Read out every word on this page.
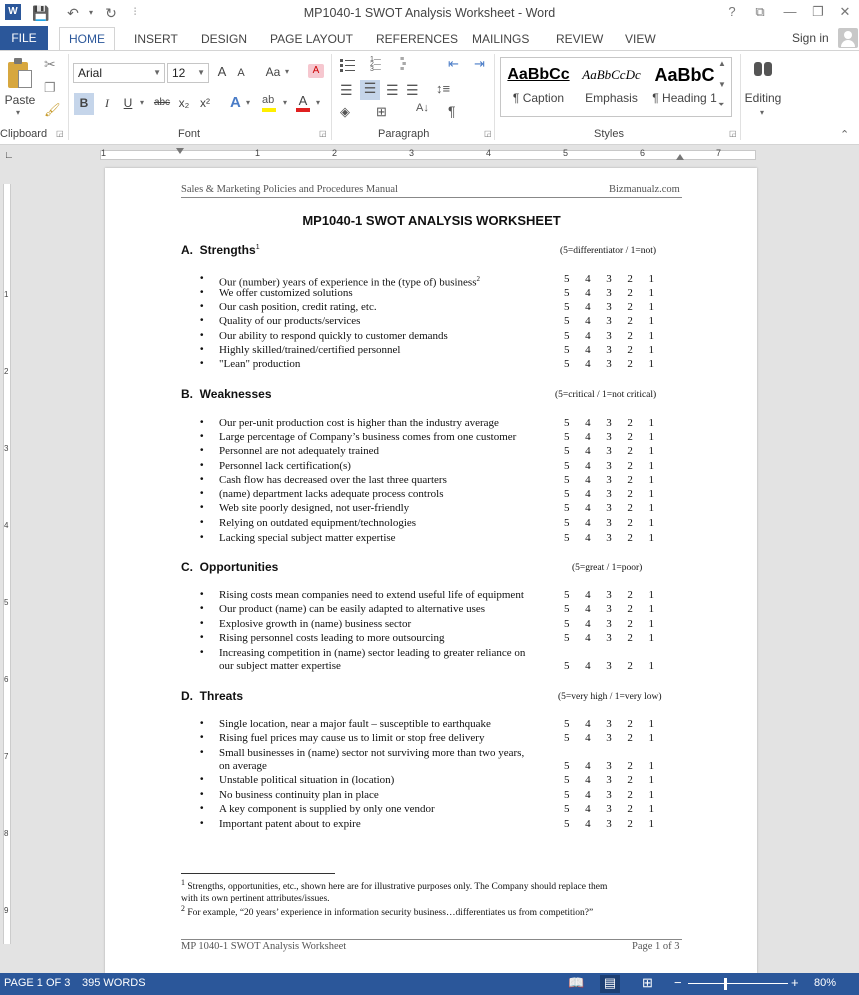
W 💾	↶	▾ ↻	⫶	MP1040-1 SWOT Analysis Worksheet - Word	?	⧉	—	❐	✕
FILE	HOME	INSERT DESIGN PAGE LAYOUT REFERENCES MAILINGS REVIEW VIEW	Sign in
Paste
▾
✂
❐
🖌
Clipboard ◲
Arial	▼ 12 ▼ A	A	Aa ▾	A
B	I	U ▾ abc x₂ x² A ▾ ab ▾ A	▾
Font	◲
1—
2—
3—
≡
≡
≡	⇤ ⇥
☰ ☰ ☰ ☰ ↕≡
◈ ⊞	A↓ ¶
Paragraph	◲
AaBbCc
¶ Caption
AaBbCcDc
Emphasis
AaBbC
¶ Heading 1
▲
▼
⏷
Styles	◲
Editing
▾
⌃
1	1	2	3	4	5	6	7
∟
1
2
3
4
5
6
7
8
9
Sales & Marketing Policies and Procedures Manual	Bizmanualz.com
MP1040-1 SWOT ANALYSIS WORKSHEET
A. Strengths$^1$	(5=differentiator / 1=not)
• Our (number) years of experience in the (type of) business$^2$	5 4 3 2 1
• We offer customized solutions	5 4 3 2 1
• Our cash position, credit rating, etc.	5 4 3 2 1
• Quality of our products/services	5 4 3 2 1
• Our ability to respond quickly to customer demands	5 4 3 2 1
• Highly skilled/trained/certified personnel	5 4 3 2 1
• "Lean" production	5 4 3 2 1
B. Weaknesses	(5=critical / 1=not critical)
• Our per-unit production cost is higher than the industry average	5 4 3 2 1
• Large percentage of Company’s business comes from one customer	5 4 3 2 1
• Personnel are not adequately trained	5 4 3 2 1
• Personnel lack certification(s)	5 4 3 2 1
• Cash flow has decreased over the last three quarters	5 4 3 2 1
• (name) department lacks adequate process controls	5 4 3 2 1
• Web site poorly designed, not user-friendly	5 4 3 2 1
• Relying on outdated equipment/technologies	5 4 3 2 1
• Lacking special subject matter expertise	5 4 3 2 1
C. Opportunities	(5=great / 1=poor)
• Rising costs mean companies need to extend useful life of equipment	5 4 3 2 1
• Our product (name) can be easily adapted to alternative uses	5 4 3 2 1
• Explosive growth in (name) business sector	5 4 3 2 1
• Rising personnel costs leading to more outsourcing	5 4 3 2 1
• Increasing competition in (name) sector leading to greater reliance on
our subject matter expertise	5 4 3 2 1
D. Threats	(5=very high / 1=very low)
• Single location, near a major fault – susceptible to earthquake	5 4 3 2 1
• Rising fuel prices may cause us to limit or stop free delivery	5 4 3 2 1
• Small businesses in (name) sector not surviving more than two years,
on average	5 4 3 2 1
• Unstable political situation in (location)	5 4 3 2 1
• No business continuity plan in place	5 4 3 2 1
• A key component is supplied by only one vendor	5 4 3 2 1
• Important patent about to expire	5 4 3 2 1
$^1$ Strengths, opportunities, etc., shown here are for illustrative purposes only. The Company should replace them
with its own pertinent attributes/issues.
$^2$ For example, “20 years’ experience in information security business…differentiates us from competition?”
MP 1040-1 SWOT Analysis Worksheet	Page 1 of 3
PAGE 1 OF 3 395 WORDS	📖 ▤ ⊞ −	+ 80%
